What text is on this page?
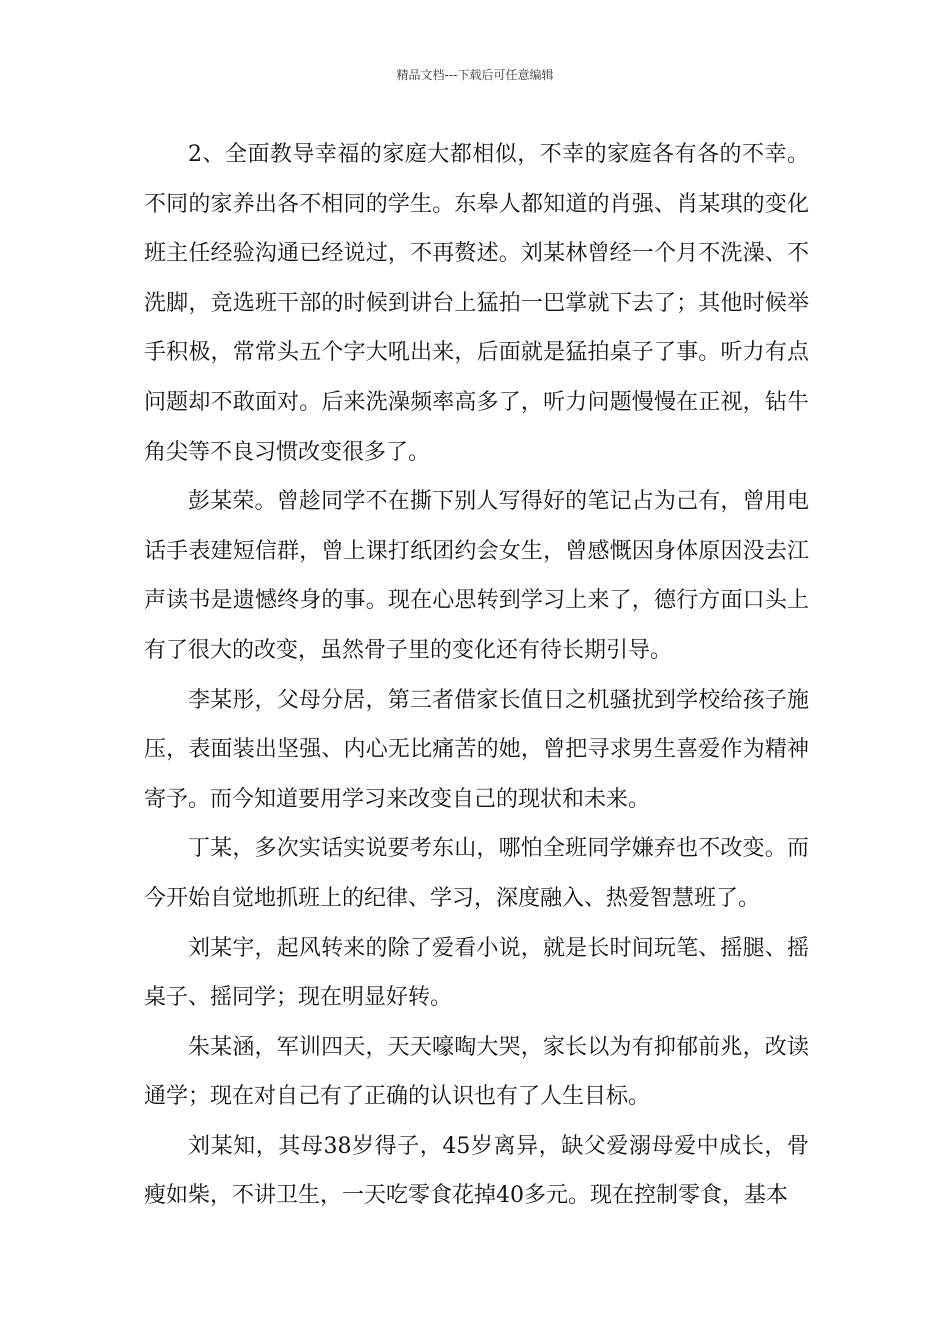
精品文档---下载后可任意编辑

2、全面教导幸福的家庭大都相似，不幸的家庭各有各的不幸。不同的家养出各不相同的学生。东皋人都知道的肖强、肖某琪的变化班主任经验沟通已经说过，不再赘述。刘某林曾经一个月不洗澡、不洗脚，竞选班干部的时候到讲台上猛拍一巴掌就下去了；其他时候举手积极，常常头五个字大吼出来，后面就是猛拍桌子了事。听力有点问题却不敢面对。后来洗澡频率高多了，听力问题慢慢在正视，钻牛角尖等不良习惯改变很多了。

彭某荣。曾趁同学不在撕下别人写得好的笔记占为己有，曾用电话手表建短信群，曾上课打纸团约会女生，曾感慨因身体原因没去江声读书是遗憾终身的事。现在心思转到学习上来了，德行方面口头上有了很大的改变，虽然骨子里的变化还有待长期引导。

李某彤，父母分居，第三者借家长值日之机骚扰到学校给孩子施压，表面装出坚强、内心无比痛苦的她，曾把寻求男生喜爱作为精神寄予。而今知道要用学习来改变自己的现状和未来。

丁某，多次实话实说要考东山，哪怕全班同学嫌弃也不改变。而今开始自觉地抓班上的纪律、学习，深度融入、热爱智慧班了。

刘某宇，起风转来的除了爱看小说，就是长时间玩笔、摇腿、摇桌子、摇同学；现在明显好转。

朱某涵，军训四天，天天嚎啕大哭，家长以为有抑郁前兆，改读通学；现在对自己有了正确的认识也有了人生目标。

刘某知，其母38岁得子，45岁离异，缺父爱溺母爱中成长，骨瘦如柴，不讲卫生，一天吃零食花掉40多元。现在控制零食，基本
